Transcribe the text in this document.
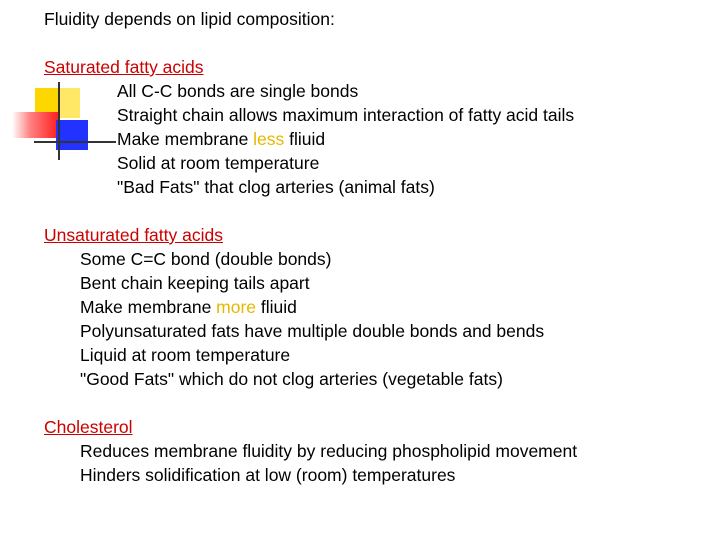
Fluidity depends on lipid composition:
Saturated fatty acids
All C-C bonds are single bonds
Straight chain allows maximum interaction of fatty acid tails
Make membrane less fliuid
Solid at room temperature
"Bad Fats" that clog arteries (animal fats)
Unsaturated fatty acids
Some C=C bond (double bonds)
Bent chain keeping tails apart
Make membrane more fliuid
Polyunsaturated fats have multiple double bonds and bends
Liquid at room temperature
"Good Fats" which do not clog arteries (vegetable fats)
Cholesterol
Reduces membrane fluidity by reducing phospholipid movement
Hinders solidification at low (room) temperatures
